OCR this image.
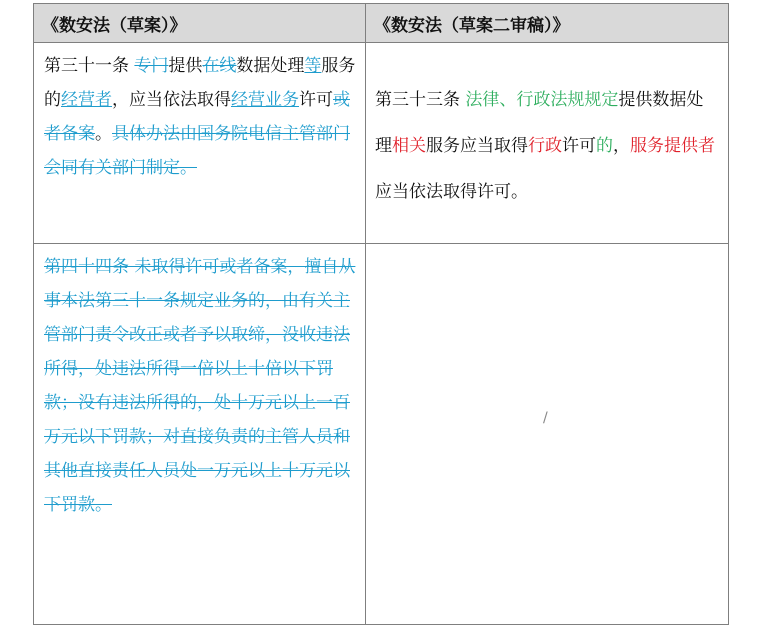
《数安法（草案）》	《数安法（草案二审稿）》

第三十一条 专门提供在线数据处理等服务的经营者，应当依法取得经营业务许可或者备案。具体办法由国务院电信主管部门会同有关部门制定。	第三十三条 法律、行政法规规定提供数据处理相关服务应当取得行政许可的，服务提供者应当依法取得许可。

第四十四条 未取得许可或者备案，擅自从事本法第三十一条规定业务的，由有关主管部门责令改正或者予以取缔，没收违法所得，处违法所得一倍以上十倍以下罚款；没有违法所得的，处十万元以上一百万元以下罚款；对直接负责的主管人员和其他直接责任人员处一万元以上十万元以下罚款。	/
